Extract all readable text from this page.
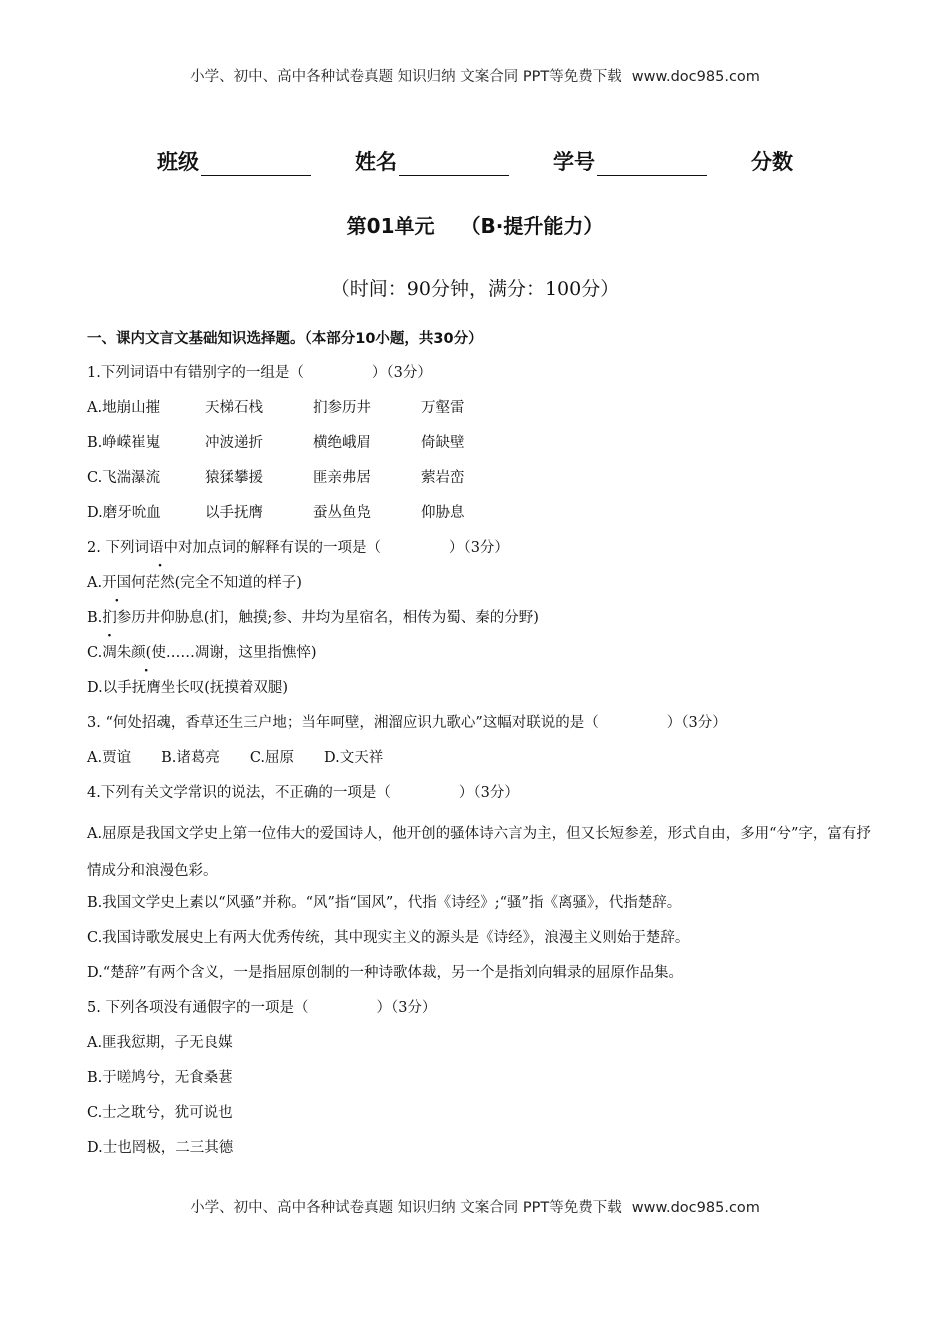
小学、初中、高中各种试卷真题 知识归纳 文案合同 PPT等免费下载 www.doc985.com
班级	姓名	学号	分数
第01单元 （B·提升能力）
（时间：90分钟，满分：100分）
一、课内文言文基础知识选择题。（本部分10小题，共30分）
1.下列词语中有错别字的一组是（	）（3分）
A.地崩山摧	天梯石栈	扪参历井	万壑雷
B.峥嵘崔嵬	冲波递折	横绝峨眉	倚缺壁
C.飞湍瀑流	猿猱攀援	匪亲弗居	萦岩峦
D.磨牙吮血	以手抚膺	蚕丛鱼凫	仰胁息
2. 下列词语中对加点词的解释有误的一项是（	）（3分）
A.开国何茫然(完全不知道的样子)
B.扪参历井仰胁息(扪，触摸;参、井均为星宿名，相传为蜀、秦的分野)
C.凋朱颜(使……凋谢，这里指憔悴)
D.以手抚膺坐长叹(抚摸着双腿)
3. “何处招魂，香草还生三户地；当年呵壁，湘溜应识九歌心”这幅对联说的是（	）（3分）
A.贾谊 B.诸葛亮 C.屈原 D.文天祥
4.下列有关文学常识的说法，不正确的一项是（	）（3分）
A.屈原是我国文学史上第一位伟大的爱国诗人，他开创的骚体诗六言为主，但又长短参差，形式自由，多用“兮”字，富有抒情成分和浪漫色彩。
B.我国文学史上素以“风骚”并称。“风”指“国风”，代指《诗经》;“骚”指《离骚》，代指楚辞。
C.我国诗歌发展史上有两大优秀传统，其中现实主义的源头是《诗经》，浪漫主义则始于楚辞。
D.“楚辞”有两个含义，一是指屈原创制的一种诗歌体裁，另一个是指刘向辑录的屈原作品集。
5. 下列各项没有通假字的一项是（	）（3分）
A.匪我愆期，子无良媒
B.于嗟鸠兮，无食桑葚
C.士之耽兮，犹可说也
D.士也罔极，二三其德
小学、初中、高中各种试卷真题 知识归纳 文案合同 PPT等免费下载 www.doc985.com
